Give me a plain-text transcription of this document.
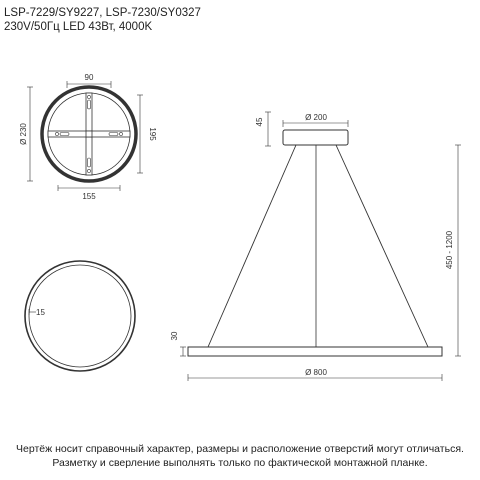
LSP-7229/SY9227, LSP-7230/SY0327
230V/50Гц LED 43Вт, 4000K
90
Ø 230	195
155
15
45	Ø 200
450 - 1200
30
Ø 800
Чертёж носит справочный характер, размеры и расположение отверстий могут отличаться.
Разметку и сверление выполнять только по фактической монтажной планке.
